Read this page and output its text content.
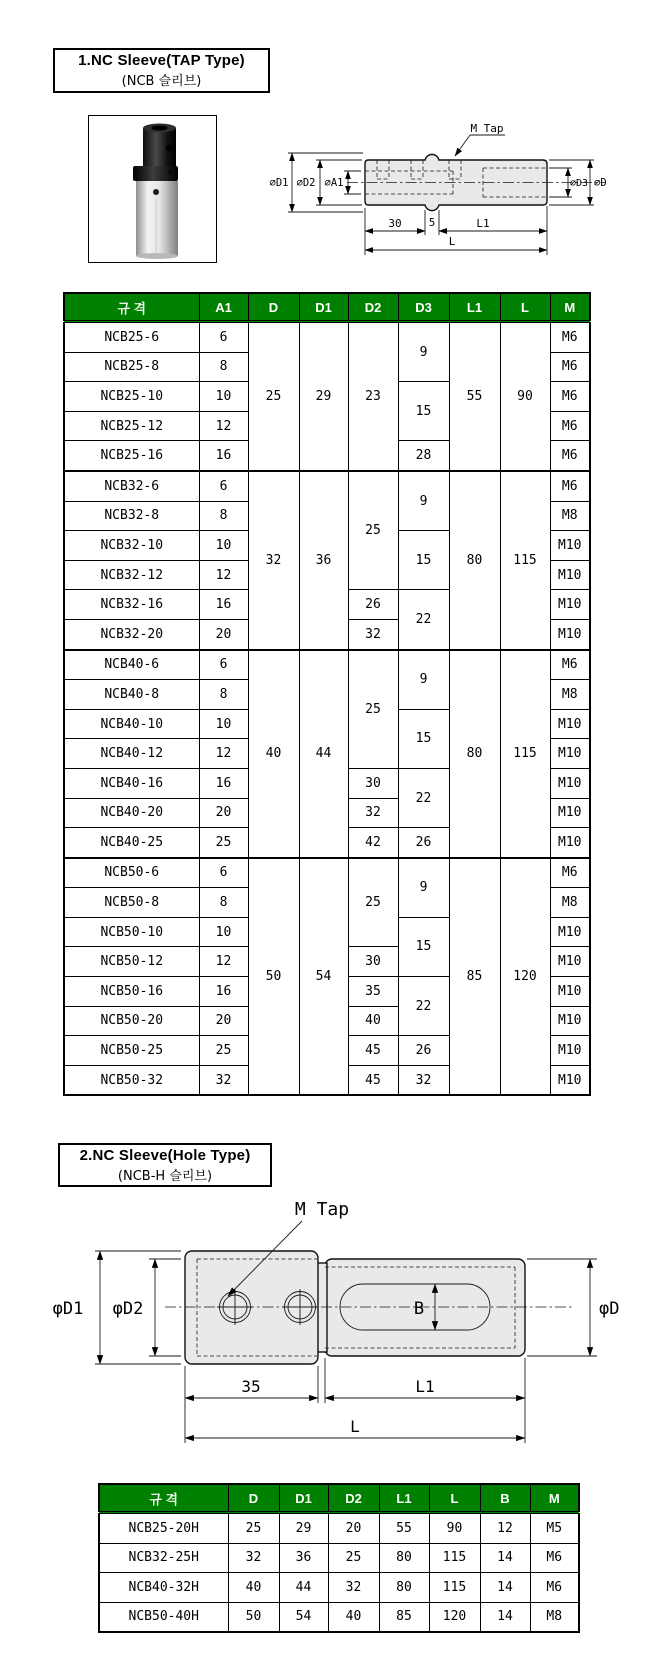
1.NC Sleeve(TAP Type)
(NCB 슬리브)
M Tap
∅D1 ∅D2 ∅A1	∅D3 ∅D
30	5	L1
L
규 격	A1	D	D1	D2	D3	L1	L	M
NCB25-6	6	25	29	23	9	55	90	M6
NCB25-8	8							M6
NCB25-10	10				15			M6
NCB25-12	12							M6
NCB25-16	16				28			M6
NCB32-6	6	32	36	25	9	80	115	M6
NCB32-8	8							M8
NCB32-10	10				15			M10
NCB32-12	12							M10
NCB32-16	16			26	22			M10
NCB32-20	20			32				M10
NCB40-6	6	40	44	25	9	80	115	M6
NCB40-8	8							M8
NCB40-10	10				15			M10
NCB40-12	12							M10
NCB40-16	16			30	22			M10
NCB40-20	20			32				M10
NCB40-25	25			42	26			M10
NCB50-6	6	50	54	25	9	85	120	M6
NCB50-8	8							M8
NCB50-10	10				15			M10
NCB50-12	12			30				M10
NCB50-16	16			35	22			M10
NCB50-20	20			40				M10
NCB50-25	25			45	26			M10
NCB50-32	32			45	32			M10
2.NC Sleeve(Hole Type)
(NCB-H 슬리브)
B
M Tap
φD1 φD2	φD
35	L1
L
규 격	D	D1	D2	L1	L	B	M
NCB25-20H	25	29	20	55	90	12	M5
NCB32-25H	32	36	25	80	115	14	M6
NCB40-32H	40	44	32	80	115	14	M6
NCB50-40H	50	54	40	85	120	14	M8
